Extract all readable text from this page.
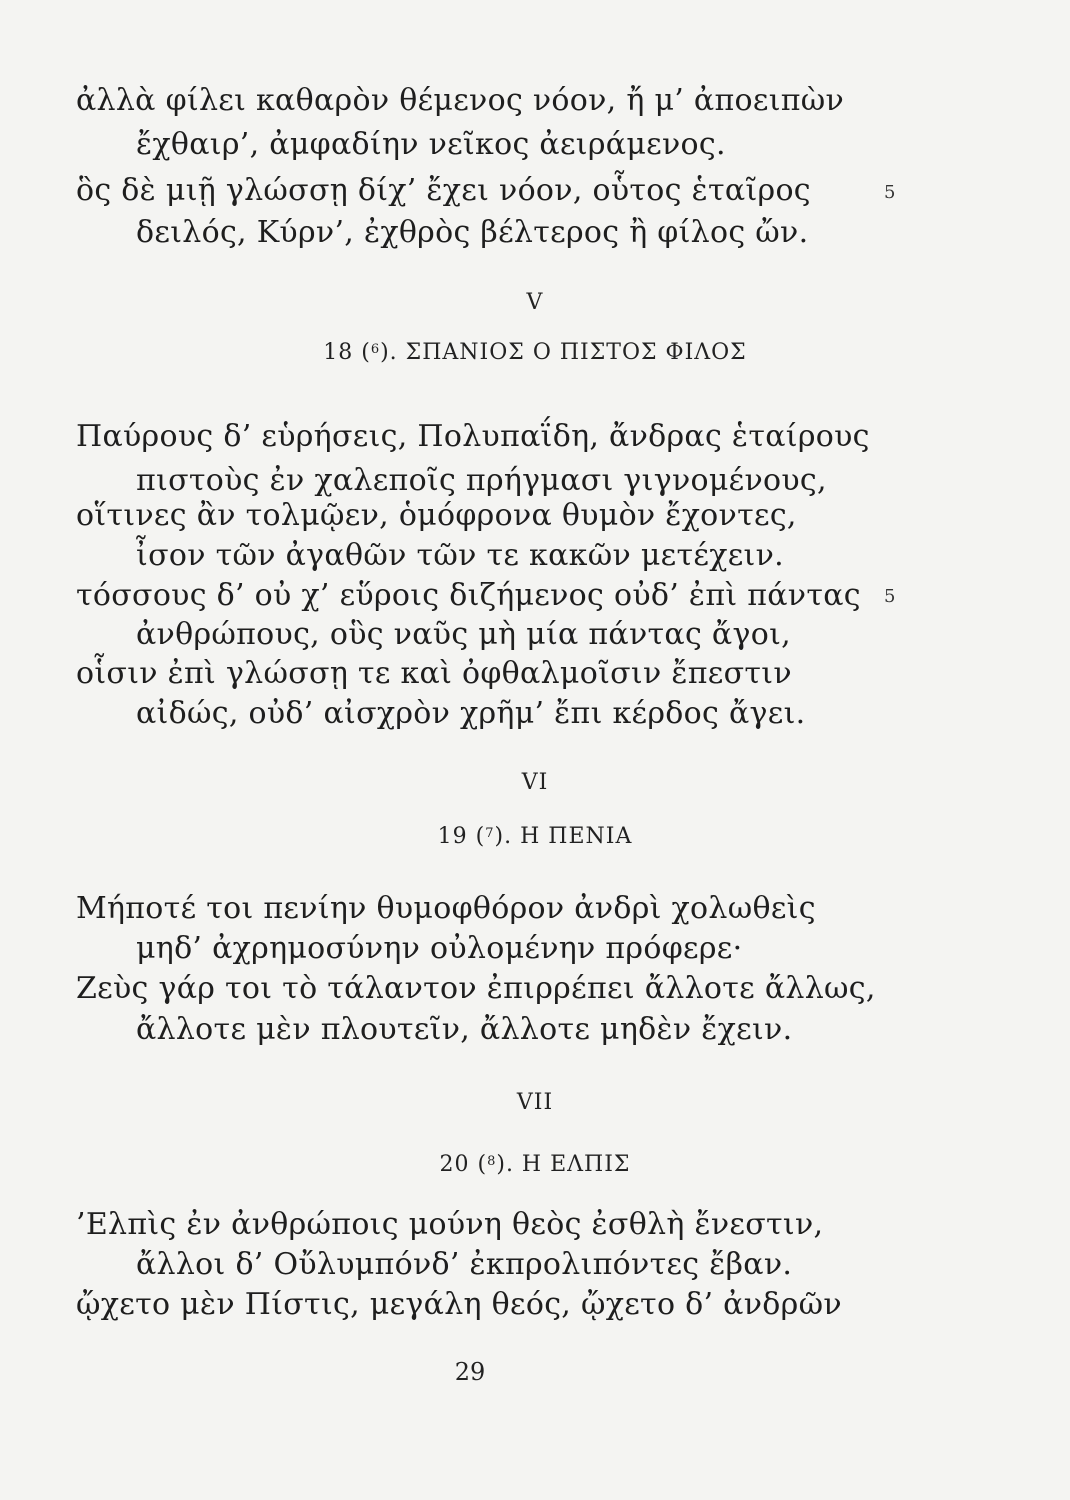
ἀλλὰ φίλει καθαρὸν θέμενος νόον, ἤ μ’ ἀποειπὼν
ἔχθαιρ’, ἀμφαδίην νεῖκος ἀειράμενος.
ὃς δὲ μιῇ γλώσσῃ δίχ’ ἔχει νόον, οὗτος ἑταῖρος	5
δειλός, Κύρν’, ἐχθρὸς βέλτερος ἢ φίλος ὤν.
V
18 ($^6$). ΣΠΑΝΙΟΣ Ο ΠΙΣΤΟΣ ΦΙΛΟΣ
Παύρους δ’ εὑρήσεις, Πολυπαΐδη, ἄνδρας ἑταίρους
πιστοὺς ἐν χαλεποῖς πρήγμασι γιγνομένους,
οἵτινες ἂν τολμῷεν, ὁμόφρονα θυμὸν ἔχοντες,
ἶσον τῶν ἀγαθῶν τῶν τε κακῶν μετέχειν.
τόσσους δ’ οὐ χ’ εὕροις διζήμενος οὐδ’ ἐπὶ πάντας 5
ἀνθρώπους, οὓς ναῦς μὴ μία πάντας ἄγοι,
οἷσιν ἐπὶ γλώσσῃ τε καὶ ὀφθαλμοῖσιν ἔπεστιν
αἰδώς, οὐδ’ αἰσχρὸν χρῆμ’ ἔπι κέρδος ἄγει.
VI
19 ($^7$). Η ΠΕΝΙΑ
Μήποτέ τοι πενίην θυμοφθόρον ἀνδρὶ χολωθεὶς
μηδ’ ἀχρημοσύνην οὐλομένην πρόφερε·
Ζεὺς γάρ τοι τὸ τάλαντον ἐπιρρέπει ἄλλοτε ἄλλως,
ἄλλοτε μὲν πλουτεῖν, ἄλλοτε μηδὲν ἔχειν.
VII
20 ($^8$). Η ΕΛΠΙΣ
’Ελπὶς ἐν ἀνθρώποις μούνη θεὸς ἐσθλὴ ἔνεστιν,
ἄλλοι δ’ Οὔλυμπόνδ’ ἐκπρολιπόντες ἔβαν.
ᾤχετο μὲν Πίστις, μεγάλη θεός, ᾤχετο δ’ ἀνδρῶν
29
